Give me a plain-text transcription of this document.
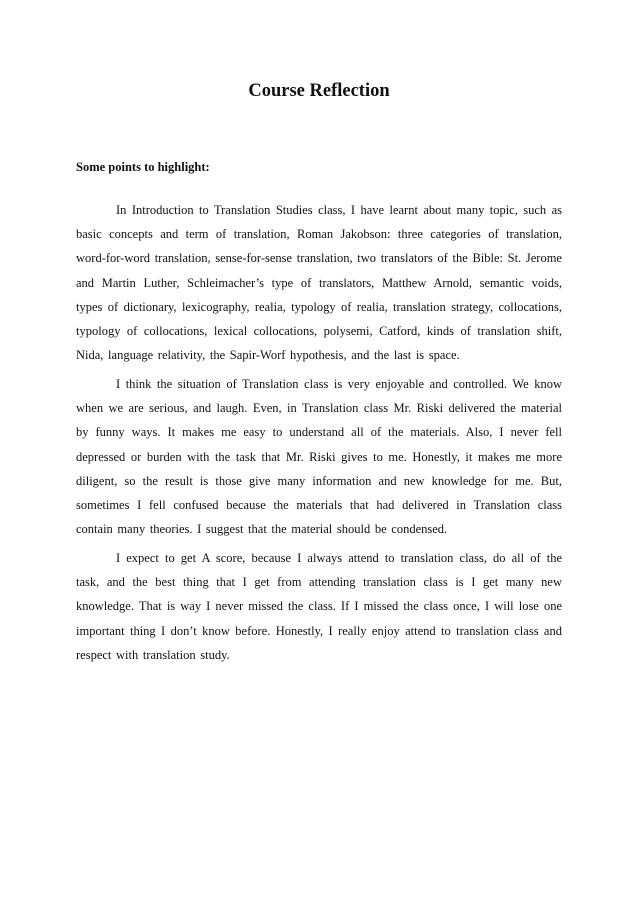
Course Reflection
Some points to highlight:

In Introduction to Translation Studies class, I have learnt about many topic, such as basic concepts and term of translation, Roman Jakobson: three categories of translation, word-for-word translation, sense-for-sense translation, two translators of the Bible: St. Jerome and Martin Luther, Schleimacher’s type of translators, Matthew Arnold, semantic voids, types of dictionary, lexicography, realia, typology of realia, translation strategy, collocations, typology of collocations, lexical collocations, polysemi, Catford, kinds of translation shift, Nida, language relativity, the Sapir-Worf hypothesis, and the last is space.

I think the situation of Translation class is very enjoyable and controlled. We know when we are serious, and laugh. Even, in Translation class Mr. Riski delivered the material by funny ways. It makes me easy to understand all of the materials. Also, I never fell depressed or burden with the task that Mr. Riski gives to me. Honestly, it makes me more diligent, so the result is those give many information and new knowledge for me. But, sometimes I fell confused because the materials that had delivered in Translation class contain many theories. I suggest that the material should be condensed.

I expect to get A score, because I always attend to translation class, do all of the task, and the best thing that I get from attending translation class is I get many new knowledge. That is way I never missed the class. If I missed the class once, I will lose one important thing I don’t know before. Honestly, I really enjoy attend to translation class and respect with translation study.
